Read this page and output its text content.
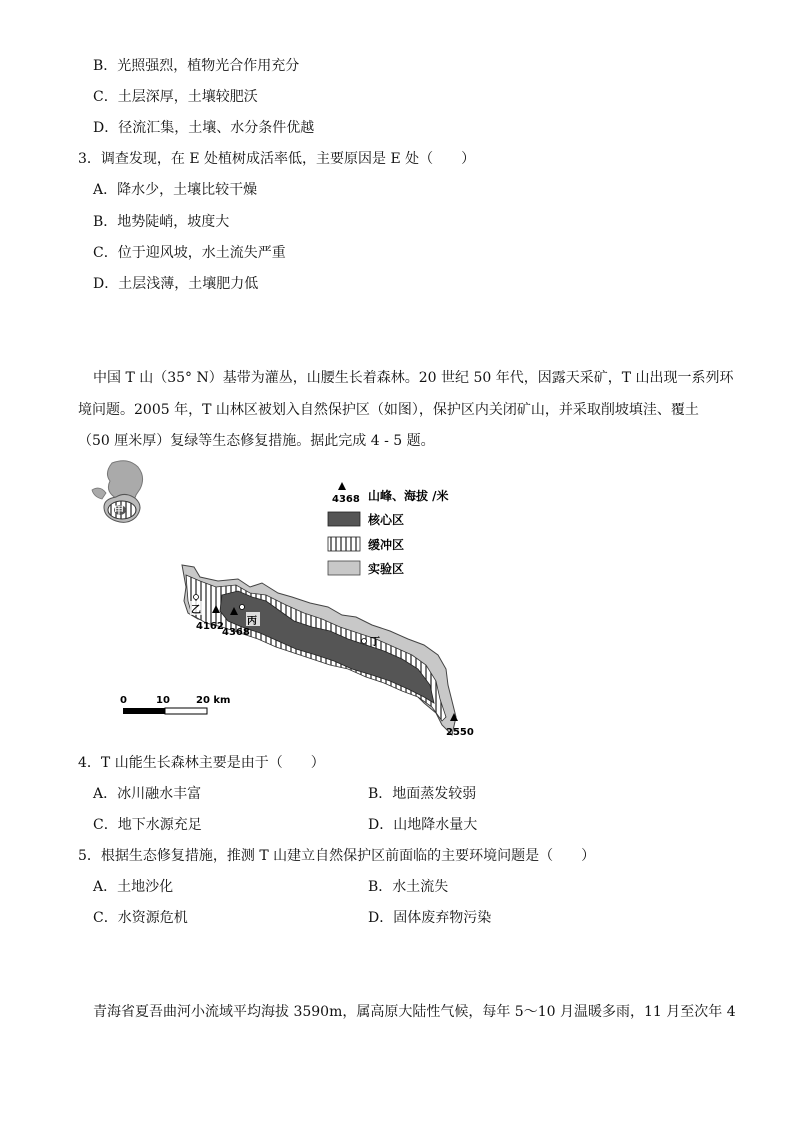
B．光照强烈，植物光合作用充分
C．土层深厚，土壤较肥沃
D．径流汇集，土壤、水分条件优越
3．调查发现，在 E 处植树成活率低，主要原因是 E 处（　　）
A．降水少，土壤比较干燥
B．地势陡峭，坡度大
C．位于迎风坡，水土流失严重
D．土层浅薄，土壤肥力低
中国 T 山（35° N）基带为灌丛，山腰生长着森林。20 世纪 50 年代，因露天采矿，T 山出现一系列环
境问题。2005 年，T 山林区被划入自然保护区（如图），保护区内关闭矿山，并采取削坡填洼、覆土
（50 厘米厚）复绿等生态修复措施。据此完成 4 - 5 题。
甲
乙
丙
丁
4162
4368
2550
4368 山峰、海拔 /米
核心区
缓冲区
实验区
0	10	20 km
4．T 山能生长森林主要是由于（　　）
A．冰川融水丰富	B．地面蒸发较弱
C．地下水源充足	D．山地降水量大
5．根据生态修复措施，推测 T 山建立自然保护区前面临的主要环境问题是（　　）
A．土地沙化	B．水土流失
C．水资源危机	D．固体废弃物污染
青海省夏吾曲河小流域平均海拔 3590m，属高原大陆性气候，每年 5～10 月温暖多雨，11 月至次年 4
